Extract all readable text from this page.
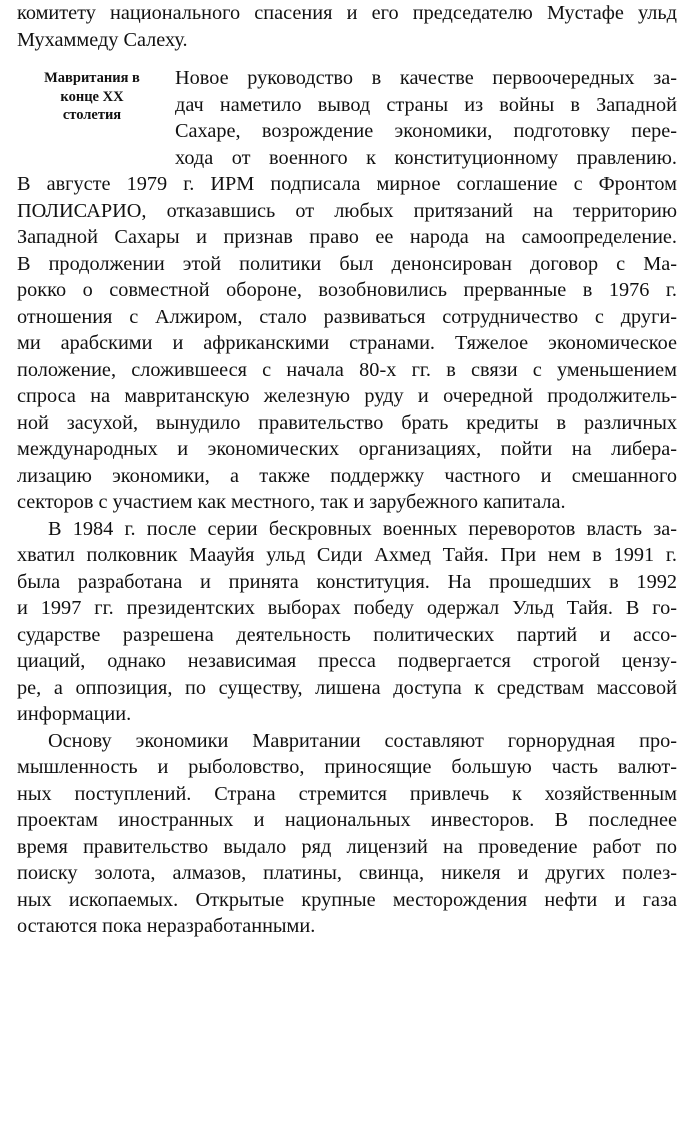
комитету национального спасения и его председателю Мустафе ульд
Мухаммеду Салеху.
Мавритания в
конце XX
столетия
Новое руководство в качестве первоочередных за-
дач наметило вывод страны из войны в Западной
Сахаре, возрождение экономики, подготовку пере-
хода от военного к конституционному правлению.
В августе 1979 г. ИРМ подписала мирное соглашение с Фронтом
ПОЛИСАРИО, отказавшись от любых притязаний на территорию
Западной Сахары и признав право ее народа на самоопределение.
В продолжении этой политики был денонсирован договор с Ма-
рокко о совместной обороне, возобновились прерванные в 1976 г.
отношения с Алжиром, стало развиваться сотрудничество с други-
ми арабскими и африканскими странами. Тяжелое экономическое
положение, сложившееся с начала 80-х гг. в связи с уменьшением
спроса на мавританскую железную руду и очередной продолжитель-
ной засухой, вынудило правительство брать кредиты в различных
международных и экономических организациях, пойти на либера-
лизацию экономики, а также поддержку частного и смешанного
секторов с участием как местного, так и зарубежного капитала.
В 1984 г. после серии бескровных военных переворотов власть за-
хватил полковник Маауйя ульд Сиди Ахмед Тайя. При нем в 1991 г.
была разработана и принята конституция. На прошедших в 1992
и 1997 гг. президентских выборах победу одержал Ульд Тайя. В го-
сударстве разрешена деятельность политических партий и ассо-
циаций, однако независимая пресса подвергается строгой цензу-
ре, а оппозиция, по существу, лишена доступа к средствам массовой
информации.
Основу экономики Мавритании составляют горнорудная про-
мышленность и рыболовство, приносящие большую часть валют-
ных поступлений. Страна стремится привлечь к хозяйственным
проектам иностранных и национальных инвесторов. В последнее
время правительство выдало ряд лицензий на проведение работ по
поиску золота, алмазов, платины, свинца, никеля и других полез-
ных ископаемых. Открытые крупные месторождения нефти и газа
остаются пока неразработанными.
